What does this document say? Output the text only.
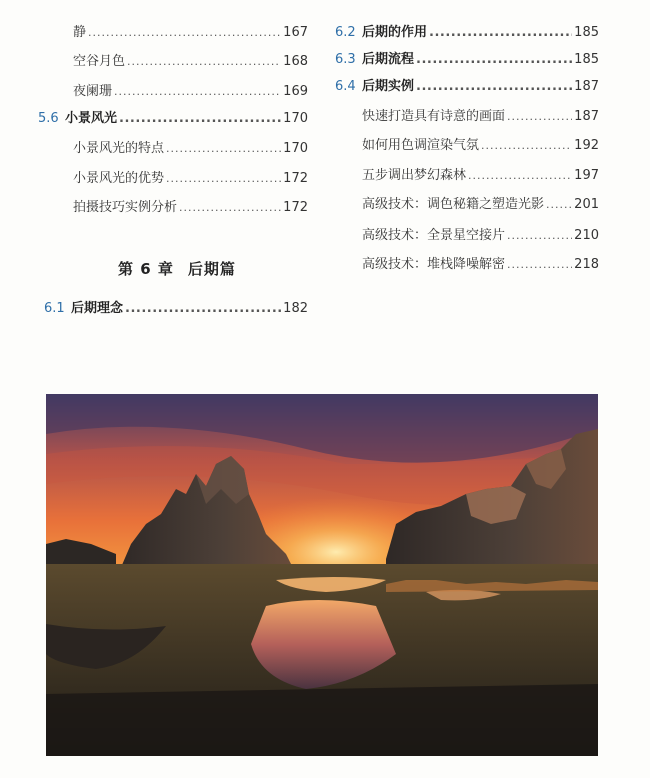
静 .....	167
空谷月色 .....	168
夜阑珊 .....	169
5.6 小景风光 .....	170
小景风光的特点 .....	170
小景风光的优势 .....	172
拍摄技巧实例分析 .....	172
6.1 后期理念 .....	182
第 6 章 后期篇
6.2 后期的作用 .....	185
6.3 后期流程 .....	185
6.4 后期实例 .....	187
快速打造具有诗意的画面 .....	187
如何用色调渲染气氛 .....	192
五步调出梦幻森林 .....	197
高级技术：调色秘籍之塑造光影 ..... 201
高级技术：全景星空接片 .....	210
高级技术：堆栈降噪解密 .....	218
